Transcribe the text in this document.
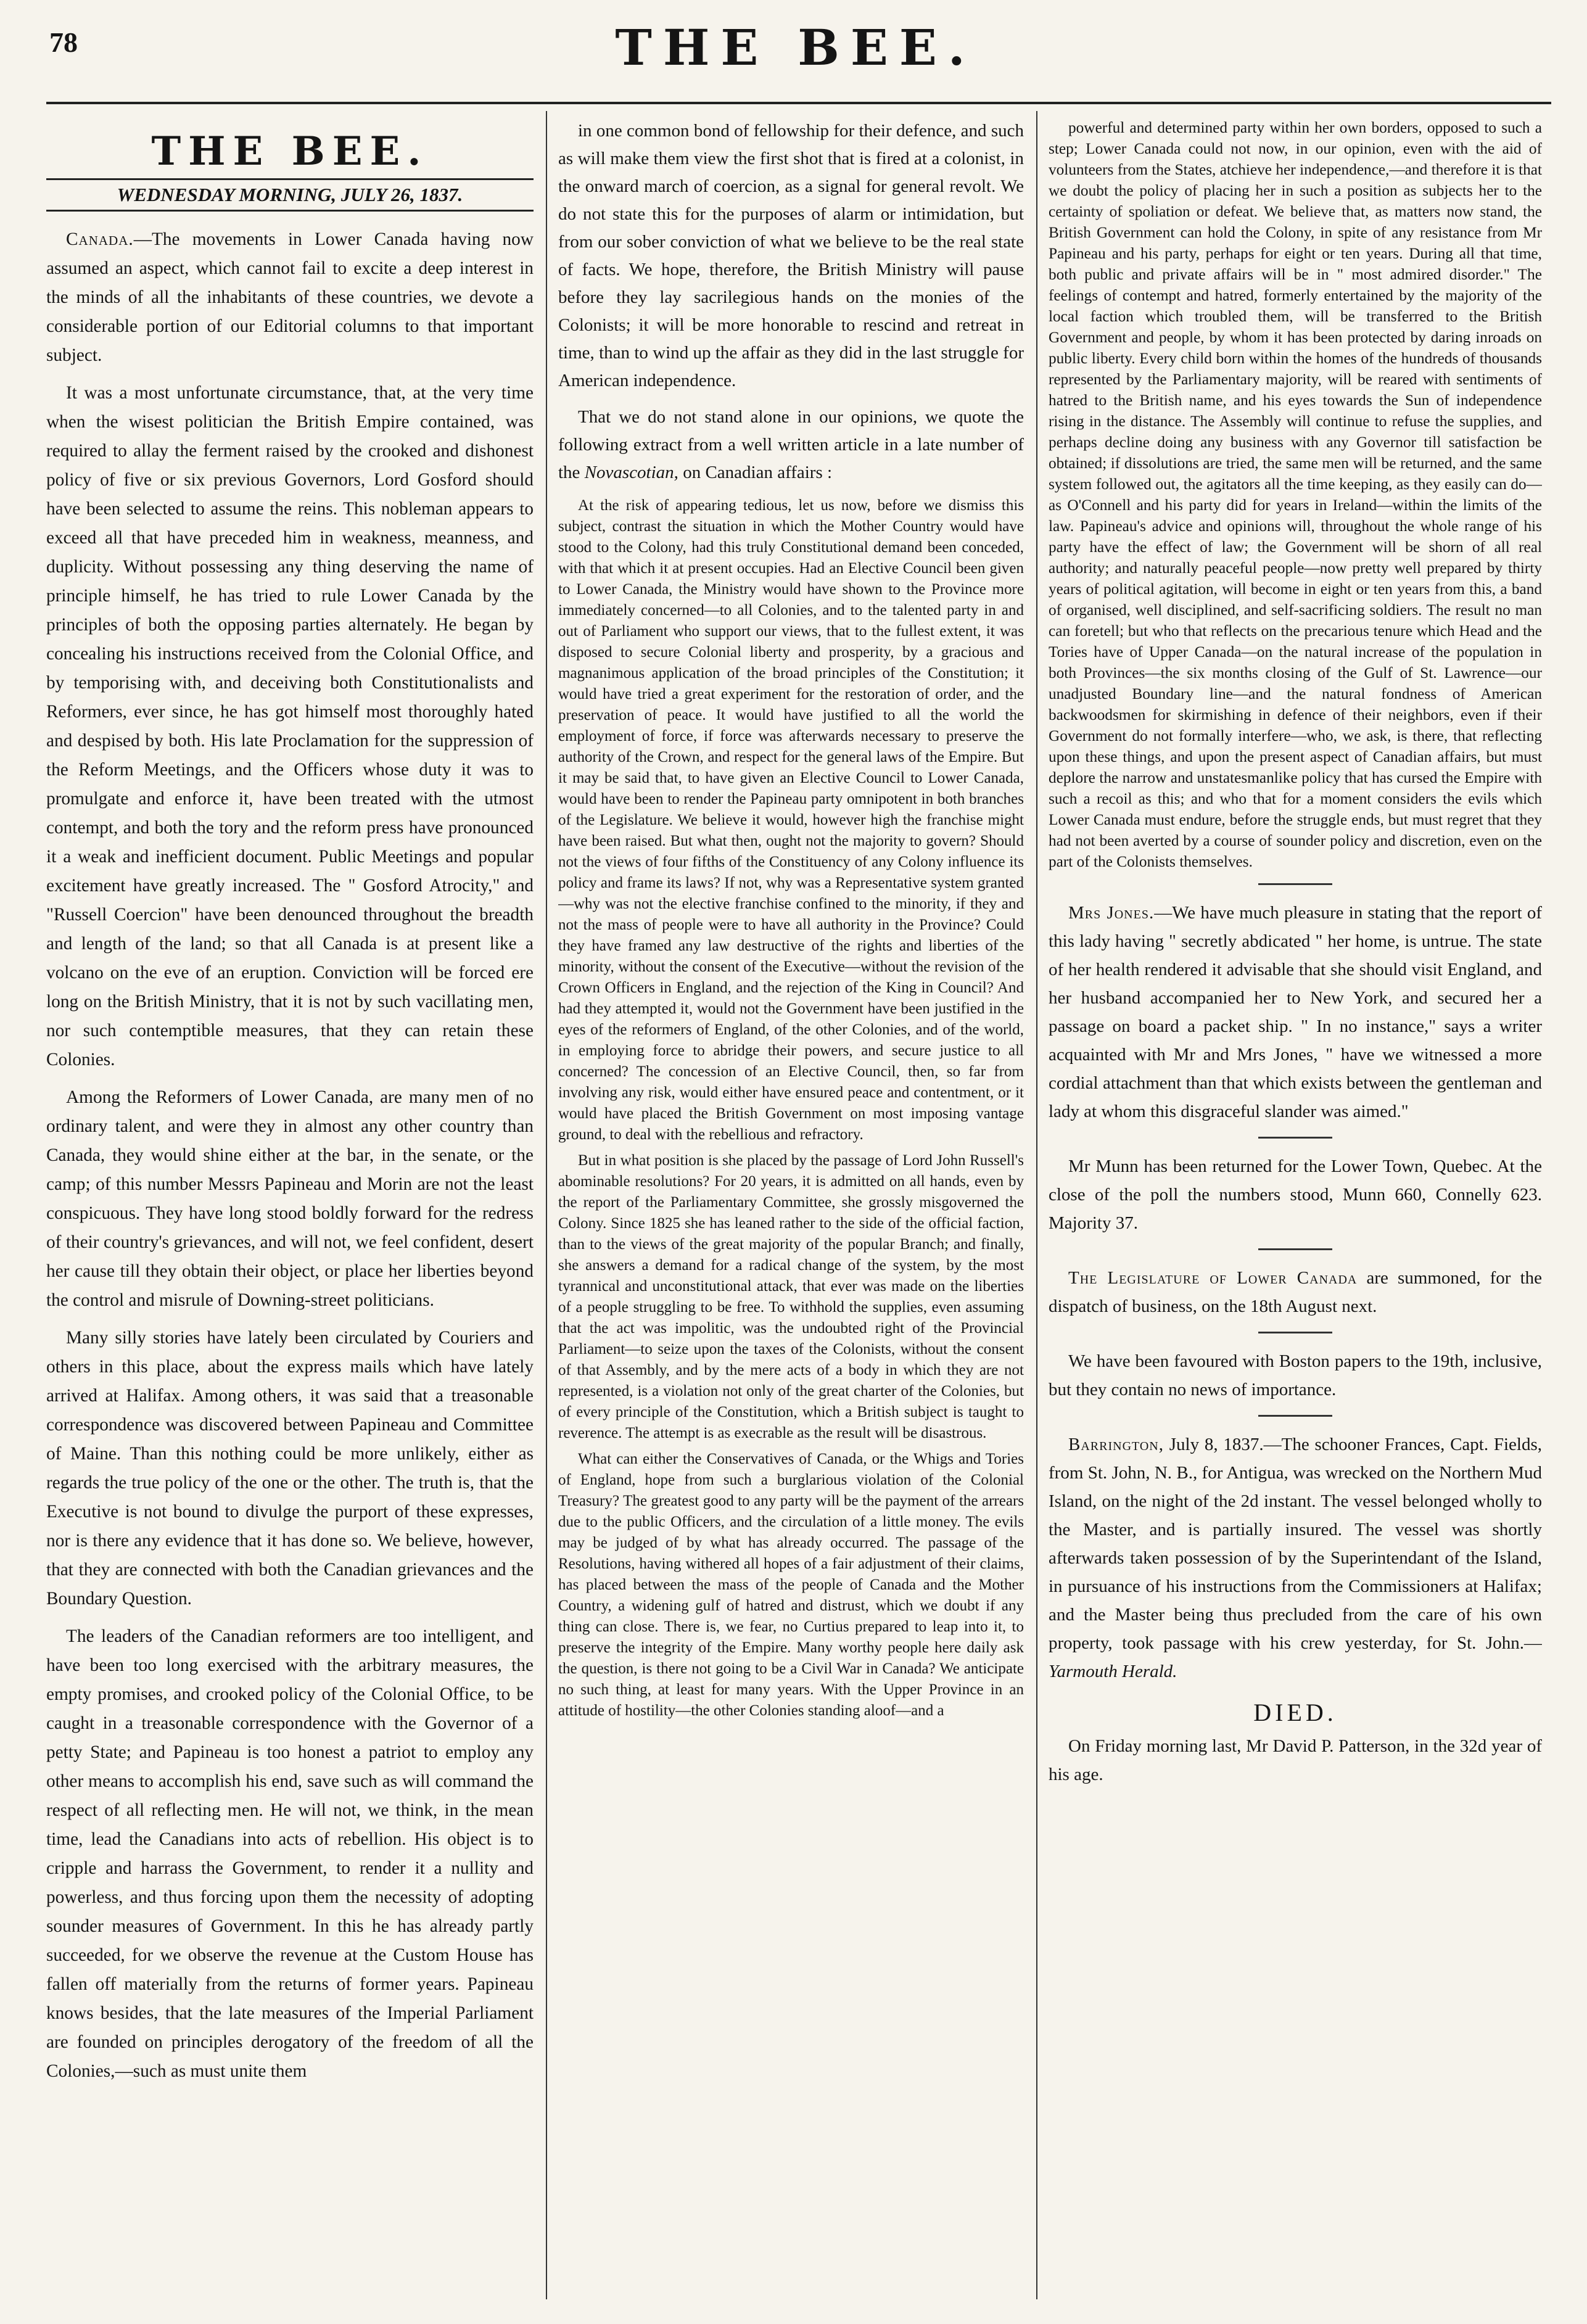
78	THE BEE.
THE BEE.
WEDNESDAY MORNING, JULY 26, 1837.

Canada.—The movements in Lower Canada having now assumed an aspect, which cannot fail to excite a deep interest in the minds of all the inhabitants of these countries, we devote a considerable portion of our Editorial columns to that important subject.

It was a most unfortunate circumstance, that, at the very time when the wisest politician the British Empire contained, was required to allay the ferment raised by the crooked and dishonest policy of five or six previous Governors, Lord Gosford should have been selected to assume the reins. This nobleman appears to exceed all that have preceded him in weakness, meanness, and duplicity. Without possessing any thing deserving the name of principle himself, he has tried to rule Lower Canada by the principles of both the opposing parties alternately. He began by concealing his instructions received from the Colonial Office, and by temporising with, and deceiving both Constitutionalists and Reformers, ever since, he has got himself most thoroughly hated and despised by both. His late Proclamation for the suppression of the Reform Meetings, and the Officers whose duty it was to promulgate and enforce it, have been treated with the utmost contempt, and both the tory and the reform press have pronounced it a weak and inefficient document. Public Meetings and popular excitement have greatly increased. The " Gosford Atrocity," and "Russell Coercion" have been denounced throughout the breadth and length of the land; so that all Canada is at present like a volcano on the eve of an eruption. Conviction will be forced ere long on the British Ministry, that it is not by such vacillating men, nor such contemptible measures, that they can retain these Colonies.

Among the Reformers of Lower Canada, are many men of no ordinary talent, and were they in almost any other country than Canada, they would shine either at the bar, in the senate, or the camp; of this number Messrs Papineau and Morin are not the least conspicuous. They have long stood boldly forward for the redress of their country's grievances, and will not, we feel confident, desert her cause till they obtain their object, or place her liberties beyond the control and misrule of Downing-street politicians.

Many silly stories have lately been circulated by Couriers and others in this place, about the express mails which have lately arrived at Halifax. Among others, it was said that a treasonable correspondence was discovered between Papineau and Committee of Maine. Than this nothing could be more unlikely, either as regards the true policy of the one or the other. The truth is, that the Executive is not bound to divulge the purport of these expresses, nor is there any evidence that it has done so. We believe, however, that they are connected with both the Canadian grievances and the Boundary Question.

The leaders of the Canadian reformers are too intelligent, and have been too long exercised with the arbitrary measures, the empty promises, and crooked policy of the Colonial Office, to be caught in a treasonable correspondence with the Governor of a petty State; and Papineau is too honest a patriot to employ any other means to accomplish his end, save such as will command the respect of all reflecting men. He will not, we think, in the mean time, lead the Canadians into acts of rebellion. His object is to cripple and harrass the Government, to render it a nullity and powerless, and thus forcing upon them the necessity of adopting sounder measures of Government. In this he has already partly succeeded, for we observe the revenue at the Custom House has fallen off materially from the returns of former years. Papineau knows besides, that the late measures of the Imperial Parliament are founded on principles derogatory of the freedom of all the Colonies,—such as must unite them

in one common bond of fellowship for their defence, and such as will make them view the first shot that is fired at a colonist, in the onward march of coercion, as a signal for general revolt. We do not state this for the purposes of alarm or intimidation, but from our sober conviction of what we believe to be the real state of facts. We hope, therefore, the British Ministry will pause before they lay sacrilegious hands on the monies of the Colonists; it will be more honorable to rescind and retreat in time, than to wind up the affair as they did in the last struggle for American independence.

That we do not stand alone in our opinions, we quote the following extract from a well written article in a late number of the Novascotian, on Canadian affairs :

At the risk of appearing tedious, let us now, before we dismiss this subject, contrast the situation in which the Mother Country would have stood to the Colony, had this truly Constitutional demand been conceded, with that which it at present occupies. Had an Elective Council been given to Lower Canada, the Ministry would have shown to the Province more immediately concerned—to all Colonies, and to the talented party in and out of Parliament who support our views, that to the fullest extent, it was disposed to secure Colonial liberty and prosperity, by a gracious and magnanimous application of the broad principles of the Constitution; it would have tried a great experiment for the restoration of order, and the preservation of peace. It would have justified to all the world the employment of force, if force was afterwards necessary to preserve the authority of the Crown, and respect for the general laws of the Empire. But it may be said that, to have given an Elective Council to Lower Canada, would have been to render the Papineau party omnipotent in both branches of the Legislature. We believe it would, however high the franchise might have been raised. But what then, ought not the majority to govern? Should not the views of four fifths of the Constituency of any Colony influence its policy and frame its laws? If not, why was a Representative system granted—why was not the elective franchise confined to the minority, if they and not the mass of people were to have all authority in the Province? Could they have framed any law destructive of the rights and liberties of the minority, without the consent of the Executive—without the revision of the Crown Officers in England, and the rejection of the King in Council? And had they attempted it, would not the Government have been justified in the eyes of the reformers of England, of the other Colonies, and of the world, in employing force to abridge their powers, and secure justice to all concerned? The concession of an Elective Council, then, so far from involving any risk, would either have ensured peace and contentment, or it would have placed the British Government on most imposing vantage ground, to deal with the rebellious and refractory.

But in what position is she placed by the passage of Lord John Russell's abominable resolutions? For 20 years, it is admitted on all hands, even by the report of the Parliamentary Committee, she grossly misgoverned the Colony. Since 1825 she has leaned rather to the side of the official faction, than to the views of the great majority of the popular Branch; and finally, she answers a demand for a radical change of the system, by the most tyrannical and unconstitutional attack, that ever was made on the liberties of a people struggling to be free. To withhold the supplies, even assuming that the act was impolitic, was the undoubted right of the Provincial Parliament—to seize upon the taxes of the Colonists, without the consent of that Assembly, and by the mere acts of a body in which they are not represented, is a violation not only of the great charter of the Colonies, but of every principle of the Constitution, which a British subject is taught to reverence. The attempt is as execrable as the result will be disastrous.

What can either the Conservatives of Canada, or the Whigs and Tories of England, hope from such a burglarious violation of the Colonial Treasury? The greatest good to any party will be the payment of the arrears due to the public Officers, and the circulation of a little money. The evils may be judged of by what has already occurred. The passage of the Resolutions, having withered all hopes of a fair adjustment of their claims, has placed between the mass of the people of Canada and the Mother Country, a widening gulf of hatred and distrust, which we doubt if any thing can close. There is, we fear, no Curtius prepared to leap into it, to preserve the integrity of the Empire. Many worthy people here daily ask the question, is there not going to be a Civil War in Canada? We anticipate no such thing, at least for many years. With the Upper Province in an attitude of hostility—the other Colonies standing aloof—and a

powerful and determined party within her own borders, opposed to such a step; Lower Canada could not now, in our opinion, even with the aid of volunteers from the States, atchieve her independence,—and therefore it is that we doubt the policy of placing her in such a position as subjects her to the certainty of spoliation or defeat. We believe that, as matters now stand, the British Government can hold the Colony, in spite of any resistance from Mr Papineau and his party, perhaps for eight or ten years. During all that time, both public and private affairs will be in " most admired disorder." The feelings of contempt and hatred, formerly entertained by the majority of the local faction which troubled them, will be transferred to the British Government and people, by whom it has been protected by daring inroads on public liberty. Every child born within the homes of the hundreds of thousands represented by the Parliamentary majority, will be reared with sentiments of hatred to the British name, and his eyes towards the Sun of independence rising in the distance. The Assembly will continue to refuse the supplies, and perhaps decline doing any business with any Governor till satisfaction be obtained; if dissolutions are tried, the same men will be returned, and the same system followed out, the agitators all the time keeping, as they easily can do—as O'Connell and his party did for years in Ireland—within the limits of the law. Papineau's advice and opinions will, throughout the whole range of his party have the effect of law; the Government will be shorn of all real authority; and naturally peaceful people—now pretty well prepared by thirty years of political agitation, will become in eight or ten years from this, a band of organised, well disciplined, and self-sacrificing soldiers. The result no man can foretell; but who that reflects on the precarious tenure which Head and the Tories have of Upper Canada—on the natural increase of the population in both Provinces—the six months closing of the Gulf of St. Lawrence—our unadjusted Boundary line—and the natural fondness of American backwoodsmen for skirmishing in defence of their neighbors, even if their Government do not formally interfere—who, we ask, is there, that reflecting upon these things, and upon the present aspect of Canadian affairs, but must deplore the narrow and unstatesmanlike policy that has cursed the Empire with such a recoil as this; and who that for a moment considers the evils which Lower Canada must endure, before the struggle ends, but must regret that they had not been averted by a course of sounder policy and discretion, even on the part of the Colonists themselves.

Mrs Jones.—We have much pleasure in stating that the report of this lady having " secretly abdicated " her home, is untrue. The state of her health rendered it advisable that she should visit England, and her husband accompanied her to New York, and secured her a passage on board a packet ship. " In no instance," says a writer acquainted with Mr and Mrs Jones, " have we witnessed a more cordial attachment than that which exists between the gentleman and lady at whom this disgraceful slander was aimed."

Mr Munn has been returned for the Lower Town, Quebec. At the close of the poll the numbers stood, Munn 660, Connelly 623. Majority 37.

The Legislature of Lower Canada are summoned, for the dispatch of business, on the 18th August next.

We have been favoured with Boston papers to the 19th, inclusive, but they contain no news of importance.

Barrington, July 8, 1837.—The schooner Frances, Capt. Fields, from St. John, N. B., for Antigua, was wrecked on the Northern Mud Island, on the night of the 2d instant. The vessel belonged wholly to the Master, and is partially insured. The vessel was shortly afterwards taken possession of by the Superintendant of the Island, in pursuance of his instructions from the Commissioners at Halifax; and the Master being thus precluded from the care of his own property, took passage with his crew yesterday, for St. John.—Yarmouth Herald.

DIED.

On Friday morning last, Mr David P. Patterson, in the 32d year of his age.
